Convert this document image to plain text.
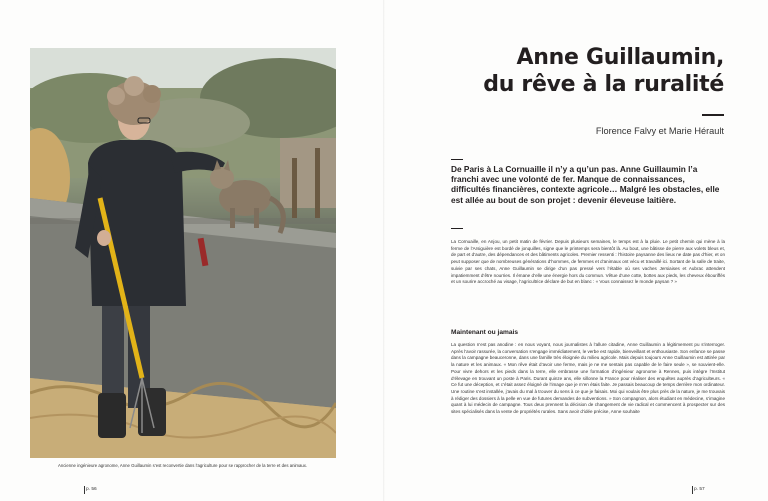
Ancienne ingénieure agronome, Anne Guillaumin s’est reconvertie dans l’agriculture pour se rapprocher de la terre et des animaux.
Anne Guillaumin,
du rêve à la ruralité
Florence Falvy et Marie Hérault

De Paris à La Cornuaille il n’y a qu’un pas. Anne Guillaumin l’a franchi avec une volonté de fer. Manque de connaissances, difficultés financières, contexte agricole… Malgré les obstacles, elle est allée au bout de son projet : devenir éleveuse laitière.

La Cornuaille, en Anjou, un petit matin de février. Depuis plusieurs semaines, le temps est à la pluie. Le petit chemin qui mène à la ferme de l’Arsiguière est bordé de jonquilles, signe que le printemps sera bientôt là. Au bout, une bâtisse de pierre aux volets bleus et, de part et d’autre, des dépendances et des bâtiments agricoles. Premier ressenti : l’histoire paysanne des lieux ne date pas d’hier, et on peut supposer que de nombreuses générations d’hommes, de femmes et d’animaux ont vécu et travaillé ici. Sortant de la salle de traite, suivie par ses chats, Anne Guillaumin se dirige d’un pas pressé vers l’étable où ses vaches Jersiaises et Aubrac attendent impatiemment d’être nourries. Il émane d’elle une énergie hors du commun. Vêtue d’une cotte, bottes aux pieds, les cheveux ébouriffés et un sourire accroché au visage, l’agricultrice déclare de but en blanc : « Vous connaissez le monde paysan ? »

Maintenant ou jamais

La question n’est pas anodine : en nous voyant, nous journalistes à l’allure citadine, Anne Guillaumin a légitimement pu s’interroger. Après l’avoir rassurée, la conversation s’engage immédiatement, le verbe est rapide, bienveillant et enthousiaste. Son enfance se passe dans la campagne beauceronne, dans une famille très éloignée du milieu agricole. Mais depuis toujours Anne Guillaumin est attirée par la nature et les animaux. « Mon rêve était d’avoir une ferme, mais je ne me sentais pas capable de le faire seule », se souvient-elle. Pour vivre dehors et les pieds dans la terre, elle embrasse une formation d’ingénieur agronome à Rennes, puis intègre l’Institut d’élevage en trouvant un poste à Paris. Durant quinze ans, elle sillonne la France pour réaliser des enquêtes auprès d’agriculteurs. « Ce fut une déception, et c’était assez éloigné de l’image que je m’en étais faite. Je passais beaucoup de temps derrière mon ordinateur. Une routine s’est installée, j’avais du mal à trouver du sens à ce que je faisais. Moi qui voulais être plus près de la nature, je me trouvais à rédiger des dossiers à la pelle en vue de futures demandes de subventions. » Son compagnon, alors étudiant en médecine, s’imagine quant à lui médecin de campagne. Tous deux prennent la décision de changement de vie radical et commencent à prospecter sur des sites spécialisés dans la vente de propriétés rurales. Sans avoir d’idée précise, Anne souhaite

p. 56	p. 57
